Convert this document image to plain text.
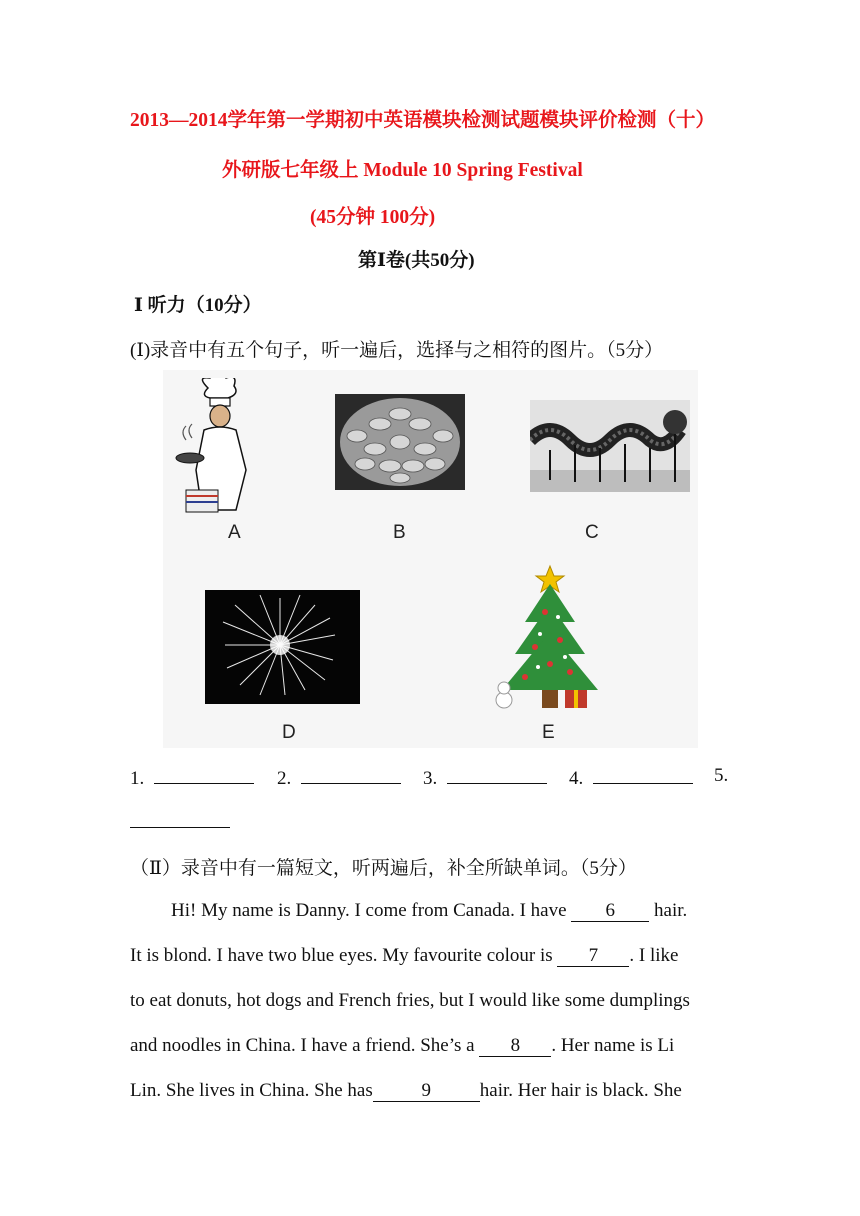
2013—2014学年第一学期初中英语模块检测试题模块评价检测（十）
外研版七年级上 Module 10 Spring Festival
(45分钟 100分)
第Ⅰ卷(共50分)
Ⅰ 听力（10分）
(Ⅰ)录音中有五个句子，听一遍后，选择与之相符的图片。（5分）
A	B	C
D	E
1.	2.	3.	4.	5.
（Ⅱ）录音中有一篇短文，听两遍后，补全所缺单词。（5分）
Hi! My name is Danny. I come from Canada. I have 6 hair.
It is blond. I have two blue eyes. My favourite colour is 7 . I like
to eat donuts, hot dogs and French fries, but I would like some dumplings
and noodles in China. I have a friend. She’s a 8 . Her name is Li
Lin. She lives in China. She has	9	hair. Her hair is black. She
